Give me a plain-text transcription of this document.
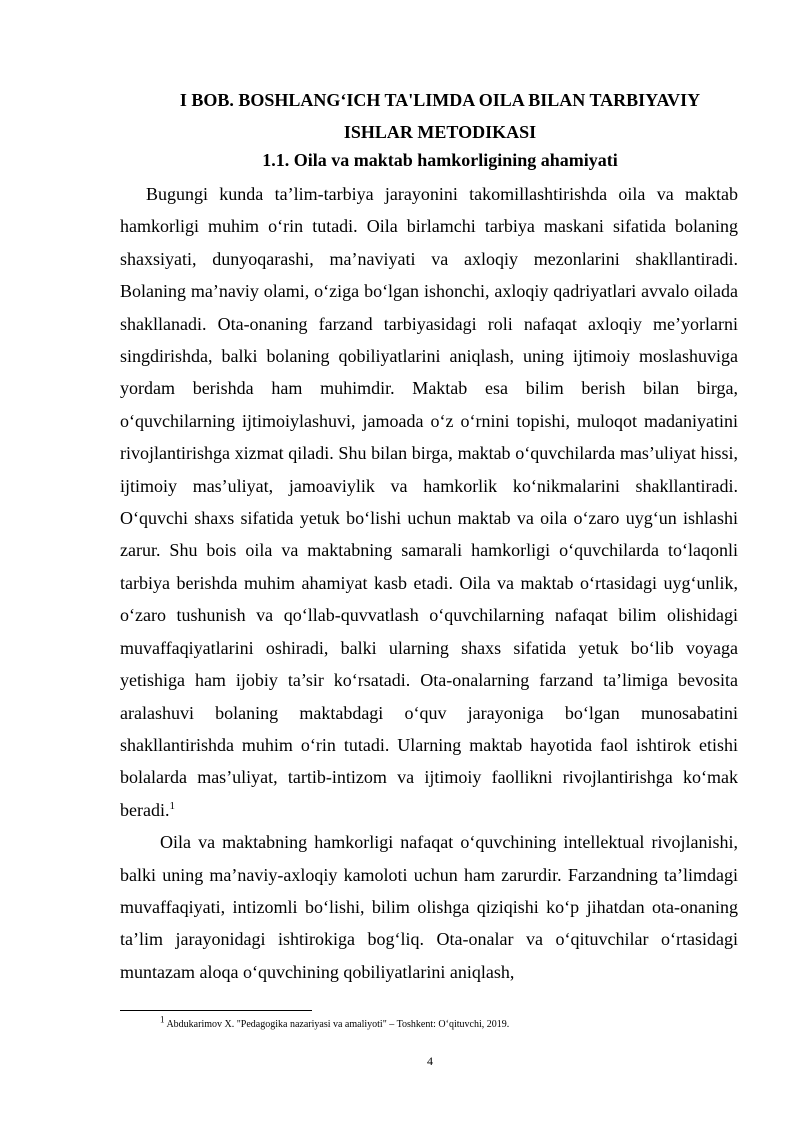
I BOB. BOSHLANG‘ICH TA'LIMDA OILA BILAN TARBIYAVIY
ISHLAR METODIKASI
1.1. Oila va maktab hamkorligining ahamiyati

Bugungi kunda ta’lim-tarbiya jarayonini takomillashtirishda oila va maktab hamkorligi muhim o‘rin tutadi. Oila birlamchi tarbiya maskani sifatida bolaning shaxsiyati, dunyoqarashi, ma’naviyati va axloqiy mezonlarini shakllantiradi. Bolaning ma’naviy olami, o‘ziga bo‘lgan ishonchi, axloqiy qadriyatlari avvalo oilada shakllanadi. Ota-onaning farzand tarbiyasidagi roli nafaqat axloqiy me’yorlarni singdirishda, balki bolaning qobiliyatlarini aniqlash, uning ijtimoiy moslashuviga yordam berishda ham muhimdir. Maktab esa bilim berish bilan birga, o‘quvchilarning ijtimoiylashuvi, jamoada o‘z o‘rnini topishi, muloqot madaniyatini rivojlantirishga xizmat qiladi. Shu bilan birga, maktab o‘quvchilarda mas’uliyat hissi, ijtimoiy mas’uliyat, jamoaviylik va hamkorlik ko‘nikmalarini shakllantiradi. O‘quvchi shaxs sifatida yetuk bo‘lishi uchun maktab va oila o‘zaro uyg‘un ishlashi zarur. Shu bois oila va maktabning samarali hamkorligi o‘quvchilarda to‘laqonli tarbiya berishda muhim ahamiyat kasb etadi. Oila va maktab o‘rtasidagi uyg‘unlik, o‘zaro tushunish va qo‘llab-quvvatlash o‘quvchilarning nafaqat bilim olishidagi muvaffaqiyatlarini oshiradi, balki ularning shaxs sifatida yetuk bo‘lib voyaga yetishiga ham ijobiy ta’sir ko‘rsatadi. Ota-onalarning farzand ta’limiga bevosita aralashuvi bolaning maktabdagi o‘quv jarayoniga bo‘lgan munosabatini shakllantirishda muhim o‘rin tutadi. Ularning maktab hayotida faol ishtirok etishi bolalarda mas’uliyat, tartib-intizom va ijtimoiy faollikni rivojlantirishga ko‘mak beradi.$^1$

Oila va maktabning hamkorligi nafaqat o‘quvchining intellektual rivojlanishi, balki uning ma’naviy-axloqiy kamoloti uchun ham zarurdir. Farzandning ta’limdagi muvaffaqiyati, intizomli bo‘lishi, bilim olishga qiziqishi ko‘p jihatdan ota-onaning ta’lim jarayonidagi ishtirokiga bog‘liq. Ota-onalar va o‘qituvchilar o‘rtasidagi muntazam aloqa o‘quvchining qobiliyatlarini aniqlash,

1 Abdukarimov X. "Pedagogika nazariyasi va amaliyoti" – Toshkent: O‘qituvchi, 2019.
4
